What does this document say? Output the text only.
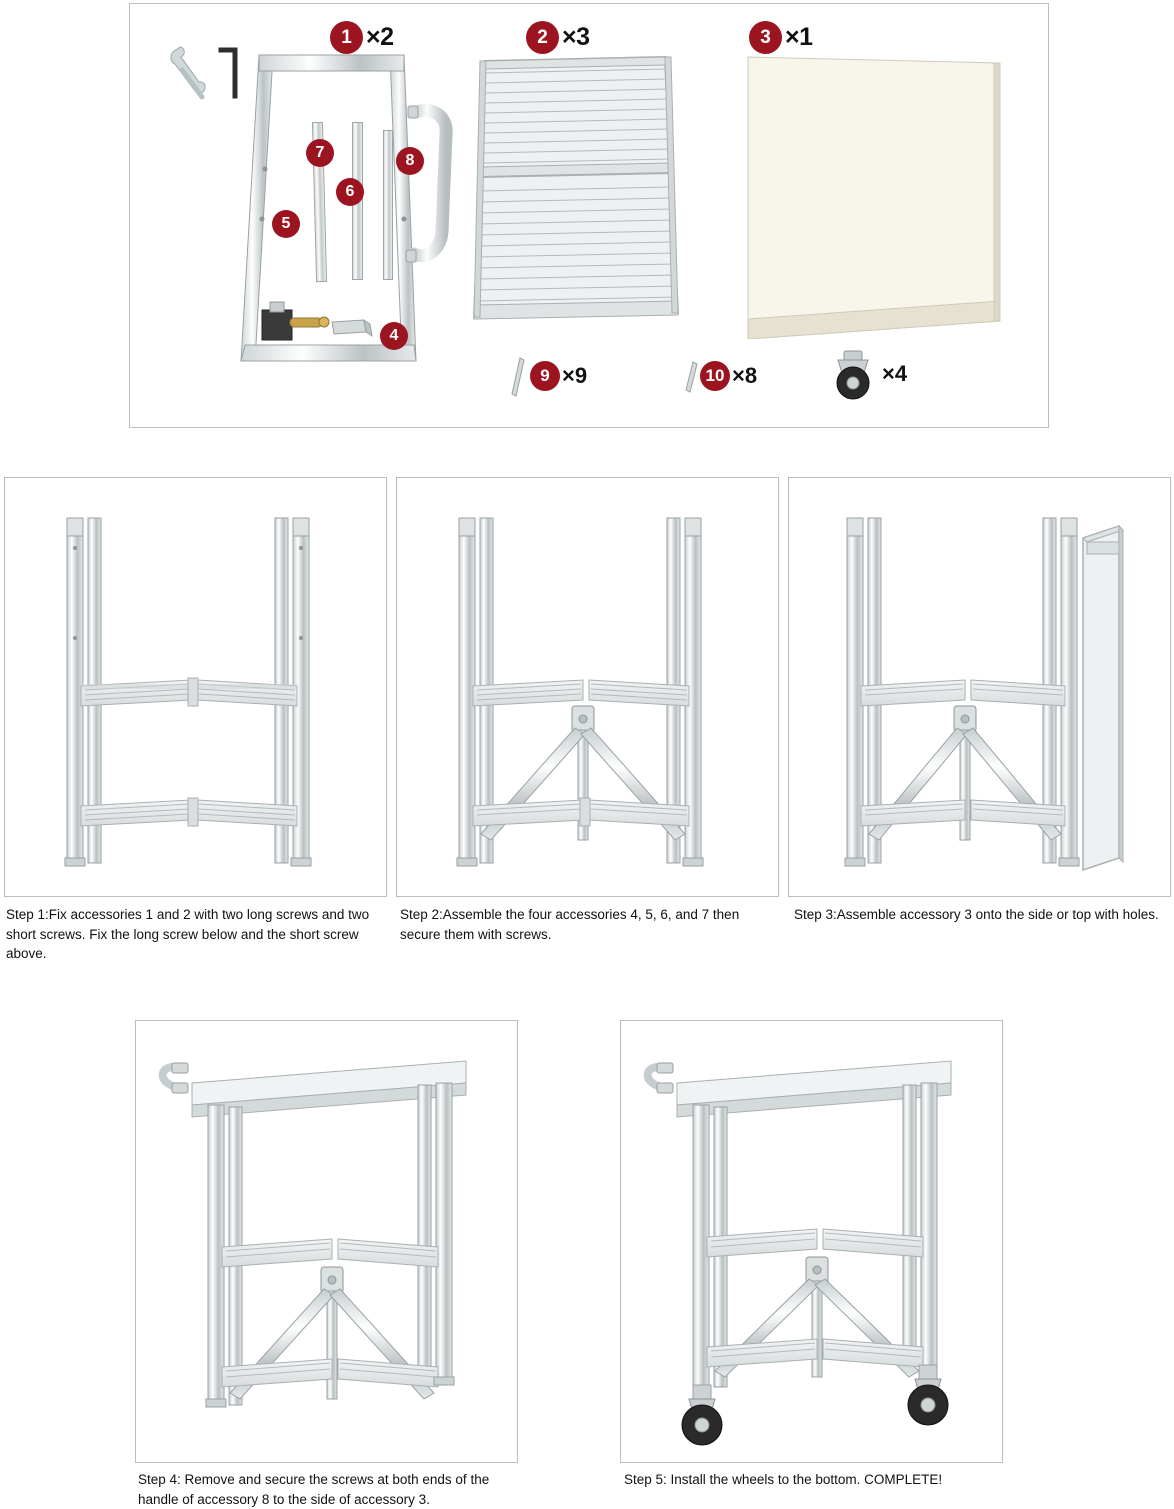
1 ×2	2 ×3	3 ×1
5
7
6
8
4
9 ×9	10 ×8	×4
Step 1:Fix accessories 1 and 2 with two long screws and two short screws. Fix the long screw below and the short screw above.
Step 2:Assemble the four accessories 4, 5, 6, and 7 then secure them with screws.
Step 3:Assemble accessory 3 onto the side or top with holes.
Step 4: Remove and secure the screws at both ends of the handle of accessory 8 to the side of accessory 3.
Step 5: Install the wheels to the bottom. COMPLETE!
